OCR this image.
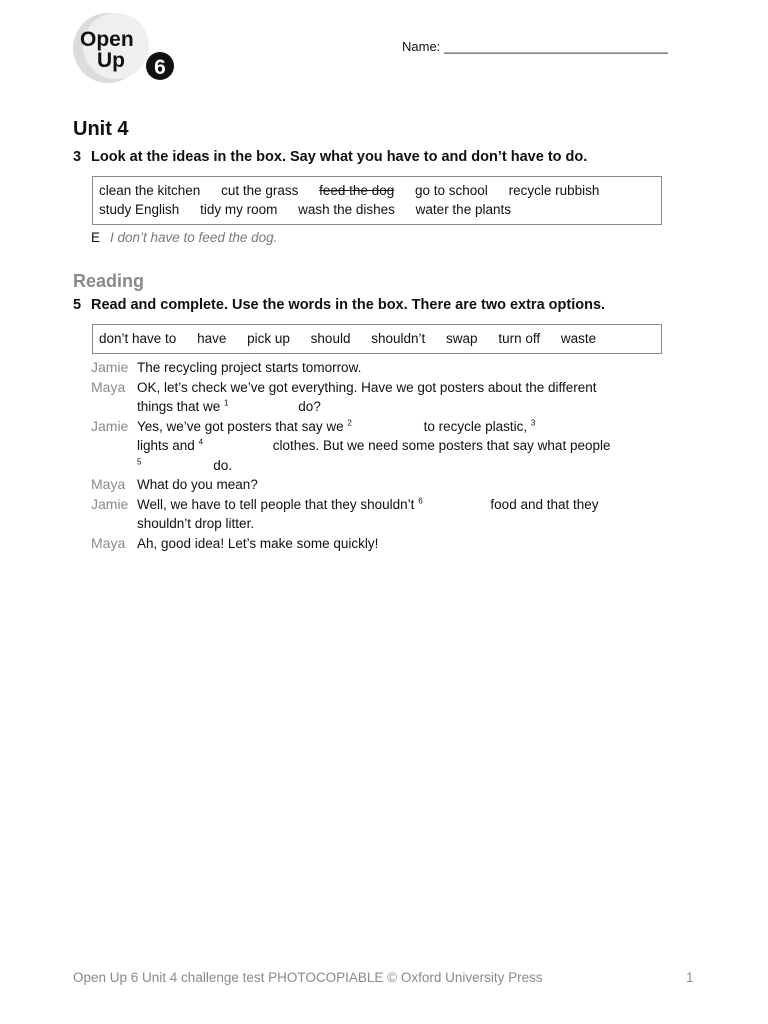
Open
Up 6
Name: _______________________________
Unit 4
3 Look at the ideas in the box. Say what you have to and don’t have to do.
clean the kitchen cut the grass feed the dog go to school recycle rubbish
study English tidy my room wash the dishes water the plants
E I don’t have to feed the dog.
Reading
5 Read and complete. Use the words in the box. There are two extra options.
don’t have to have pick up should shouldn’t swap turn off waste
Jamie The recycling project starts tomorrow.
Maya OK, let’s check we’ve got everything. Have we got posters about the different
things that we $^1$	do?
Jamie Yes, we’ve got posters that say we $^2$	to recycle plastic, $^3$
lights and $^4$	clothes. But we need some posters that say what people
$^5$	do.
Maya What do you mean?
Jamie Well, we have to tell people that they shouldn’t $^6$	food and that they
shouldn’t drop litter.
Maya Ah, good idea! Let’s make some quickly!
Open Up 6 Unit 4 challenge test PHOTOCOPIABLE © Oxford University Press	1
